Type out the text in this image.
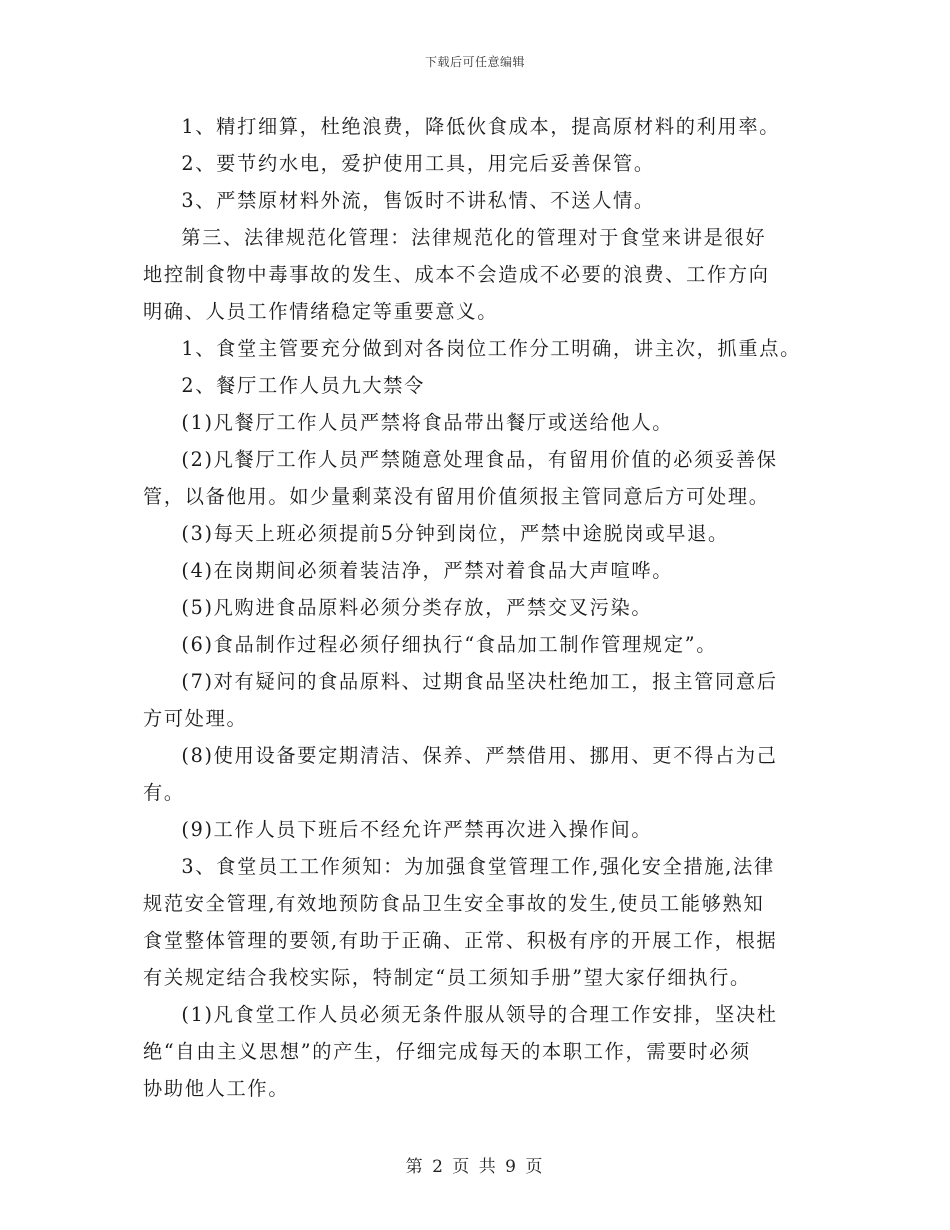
下载后可任意编辑

1、精打细算，杜绝浪费，降低伙食成本，提高原材料的利用率。

2、要节约水电，爱护使用工具，用完后妥善保管。

3、严禁原材料外流，售饭时不讲私情、不送人情。

第三、法律规范化管理：法律规范化的管理对于食堂来讲是很好
地控制食物中毒事故的发生、成本不会造成不必要的浪费、工作方向
明确、人员工作情绪稳定等重要意义。

1、食堂主管要充分做到对各岗位工作分工明确，讲主次，抓重点。

2、餐厅工作人员九大禁令

(1)凡餐厅工作人员严禁将食品带出餐厅或送给他人。

(2)凡餐厅工作人员严禁随意处理食品，有留用价值的必须妥善保
管，以备他用。如少量剩菜没有留用价值须报主管同意后方可处理。

(3)每天上班必须提前5分钟到岗位，严禁中途脱岗或早退。

(4)在岗期间必须着装洁净，严禁对着食品大声喧哗。

(5)凡购进食品原料必须分类存放，严禁交叉污染。

(6)食品制作过程必须仔细执行“食品加工制作管理规定”。

(7)对有疑问的食品原料、过期食品坚决杜绝加工，报主管同意后
方可处理。

(8)使用设备要定期清洁、保养、严禁借用、挪用、更不得占为己
有。

(9)工作人员下班后不经允许严禁再次进入操作间。

3、食堂员工工作须知：为加强食堂管理工作,强化安全措施,法律
规范安全管理,有效地预防食品卫生安全事故的发生,使员工能够熟知
食堂整体管理的要领,有助于正确、正常、积极有序的开展工作，根据
有关规定结合我校实际，特制定“员工须知手册”望大家仔细执行。

(1)凡食堂工作人员必须无条件服从领导的合理工作安排，坚决杜
绝“自由主义思想”的产生，仔细完成每天的本职工作，需要时必须
协助他人工作。

第 2 页 共 9 页
